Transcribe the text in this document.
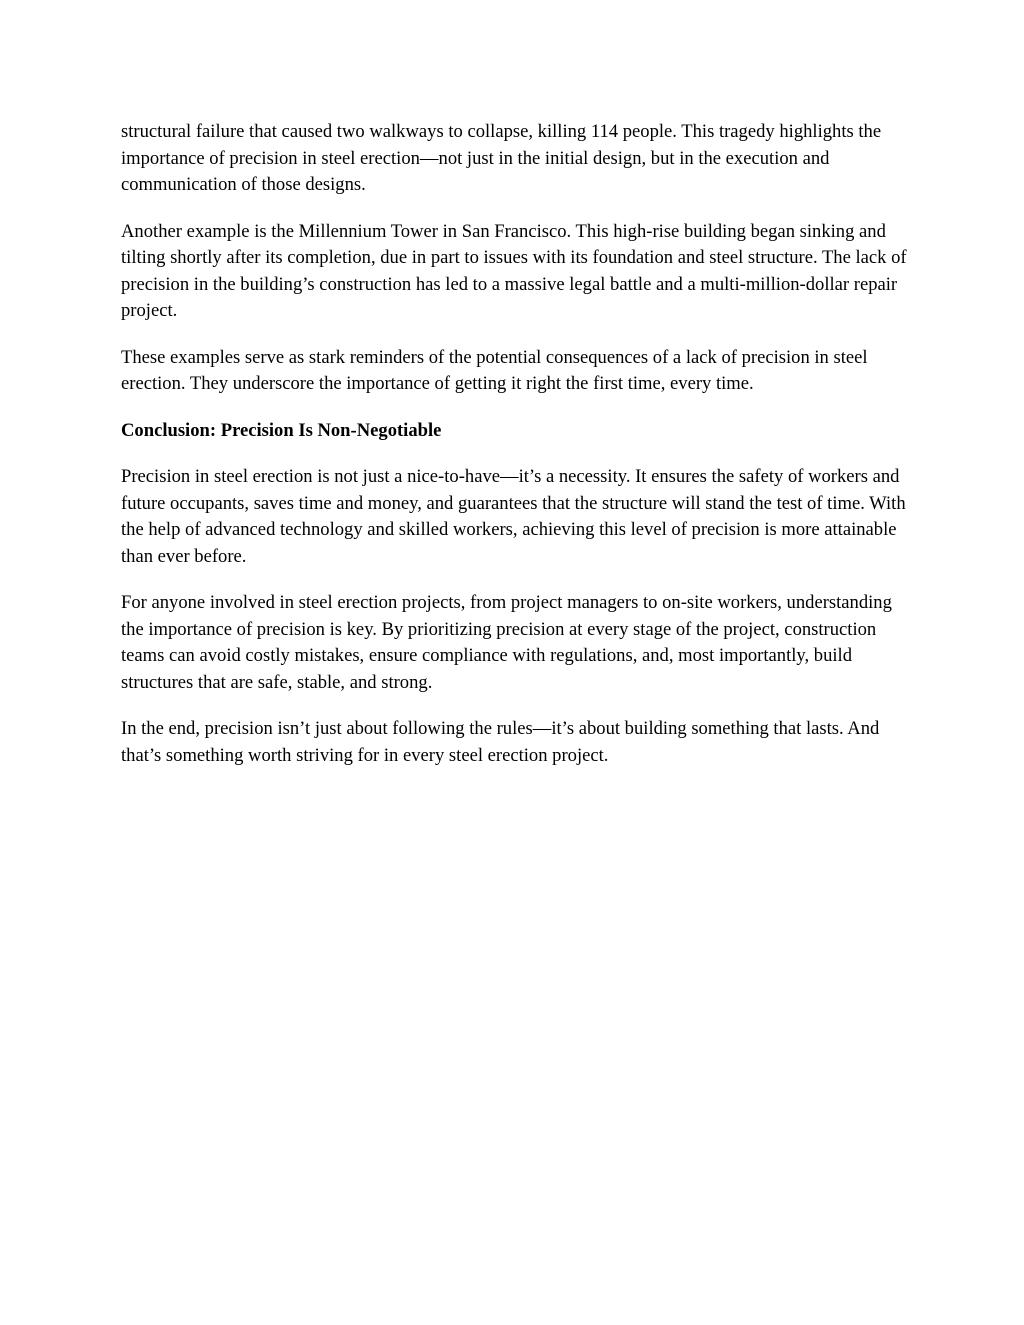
structural failure that caused two walkways to collapse, killing 114 people. This tragedy highlights the importance of precision in steel erection—not just in the initial design, but in the execution and communication of those designs.

Another example is the Millennium Tower in San Francisco. This high-rise building began sinking and tilting shortly after its completion, due in part to issues with its foundation and steel structure. The lack of precision in the building’s construction has led to a massive legal battle and a multi-million-dollar repair project.

These examples serve as stark reminders of the potential consequences of a lack of precision in steel erection. They underscore the importance of getting it right the first time, every time.

Conclusion: Precision Is Non-Negotiable

Precision in steel erection is not just a nice-to-have—it’s a necessity. It ensures the safety of workers and future occupants, saves time and money, and guarantees that the structure will stand the test of time. With the help of advanced technology and skilled workers, achieving this level of precision is more attainable than ever before.

For anyone involved in steel erection projects, from project managers to on-site workers, understanding the importance of precision is key. By prioritizing precision at every stage of the project, construction teams can avoid costly mistakes, ensure compliance with regulations, and, most importantly, build structures that are safe, stable, and strong.

In the end, precision isn’t just about following the rules—it’s about building something that lasts. And that’s something worth striving for in every steel erection project.
